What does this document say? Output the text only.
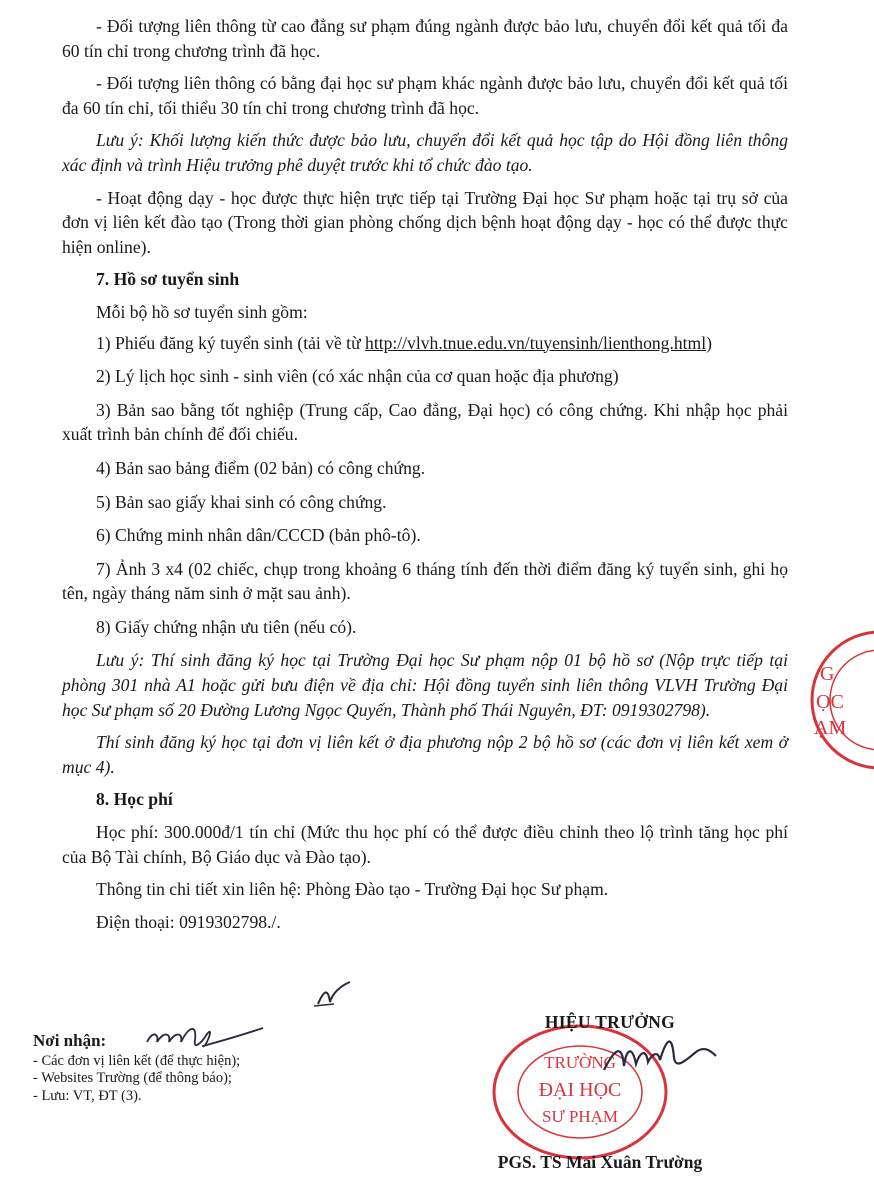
- Đối tượng liên thông từ cao đẳng sư phạm đúng ngành được bảo lưu, chuyển đổi kết quả tối đa 60 tín chỉ trong chương trình đã học.

- Đối tượng liên thông có bằng đại học sư phạm khác ngành được bảo lưu, chuyển đổi kết quả tối đa 60 tín chỉ, tối thiểu 30 tín chỉ trong chương trình đã học.

Lưu ý: Khối lượng kiến thức được bảo lưu, chuyển đổi kết quả học tập do Hội đồng liên thông xác định và trình Hiệu trưởng phê duyệt trước khi tổ chức đào tạo.

- Hoạt động dạy - học được thực hiện trực tiếp tại Trường Đại học Sư phạm hoặc tại trụ sở của đơn vị liên kết đào tạo (Trong thời gian phòng chống dịch bệnh hoạt động dạy - học có thể được thực hiện online).

7. Hồ sơ tuyển sinh

Mỗi bộ hồ sơ tuyển sinh gồm:

1) Phiếu đăng ký tuyển sinh (tải về từ http://vlvh.tnue.edu.vn/tuyensinh/lienthong.html)

2) Lý lịch học sinh - sinh viên (có xác nhận của cơ quan hoặc địa phương)

3) Bản sao bằng tốt nghiệp (Trung cấp, Cao đẳng, Đại học) có công chứng. Khi nhập học phải xuất trình bản chính để đối chiếu.

4) Bản sao bảng điểm (02 bản) có công chứng.

5) Bản sao giấy khai sinh có công chứng.

6) Chứng minh nhân dân/CCCD (bản phô-tô).

7) Ảnh 3 x4 (02 chiếc, chụp trong khoảng 6 tháng tính đến thời điểm đăng ký tuyển sinh, ghi họ tên, ngày tháng năm sinh ở mặt sau ảnh).

8) Giấy chứng nhận ưu tiên (nếu có).

Lưu ý: Thí sinh đăng ký học tại Trường Đại học Sư phạm nộp 01 bộ hồ sơ (Nộp trực tiếp tại phòng 301 nhà A1 hoặc gửi bưu điện về địa chỉ: Hội đồng tuyển sinh liên thông VLVH Trường Đại học Sư phạm số 20 Đường Lương Ngọc Quyến, Thành phố Thái Nguyên, ĐT: 0919302798).

Thí sinh đăng ký học tại đơn vị liên kết ở địa phương nộp 2 bộ hồ sơ (các đơn vị liên kết xem ở mục 4).

8. Học phí

Học phí: 300.000đ/1 tín chỉ (Mức thu học phí có thể được điều chỉnh theo lộ trình tăng học phí của Bộ Tài chính, Bộ Giáo dục và Đào tạo).

Thông tin chi tiết xin liên hệ: Phòng Đào tạo - Trường Đại học Sư phạm.

Điện thoại: 0919302798./.

Nơi nhận:
- Các đơn vị liên kết (để thực hiện);
- Websites Trường (để thông báo);
- Lưu: VT, ĐT (3).
G
ỌC
ẠM
TRƯỜNG
ĐẠI HỌC
SƯ PHẠM
HIỆU TRƯỞNG
PGS. TS Mai Xuân Trường
